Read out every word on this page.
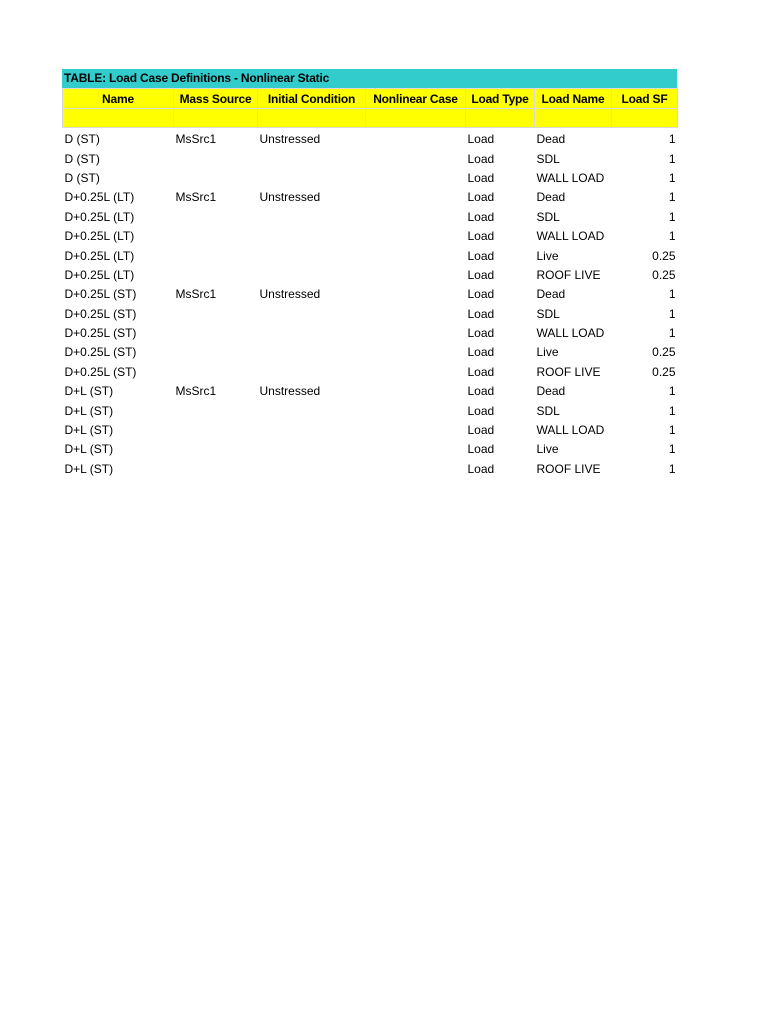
TABLE: Load Case Definitions - Nonlinear Static
Name	Mass Source	Initial Condition	Nonlinear Case	Load Type	Load Name	Load SF

D (ST)	MsSrc1	Unstressed		Load	Dead	1
D (ST)				Load	SDL	1
D (ST)				Load	WALL LOAD	1
D+0.25L (LT)	MsSrc1	Unstressed		Load	Dead	1
D+0.25L (LT)				Load	SDL	1
D+0.25L (LT)				Load	WALL LOAD	1
D+0.25L (LT)				Load	Live	0.25
D+0.25L (LT)				Load	ROOF LIVE	0.25
D+0.25L (ST)	MsSrc1	Unstressed		Load	Dead	1
D+0.25L (ST)				Load	SDL	1
D+0.25L (ST)				Load	WALL LOAD	1
D+0.25L (ST)				Load	Live	0.25
D+0.25L (ST)				Load	ROOF LIVE	0.25
D+L (ST)	MsSrc1	Unstressed		Load	Dead	1
D+L (ST)				Load	SDL	1
D+L (ST)				Load	WALL LOAD	1
D+L (ST)				Load	Live	1
D+L (ST)				Load	ROOF LIVE	1
